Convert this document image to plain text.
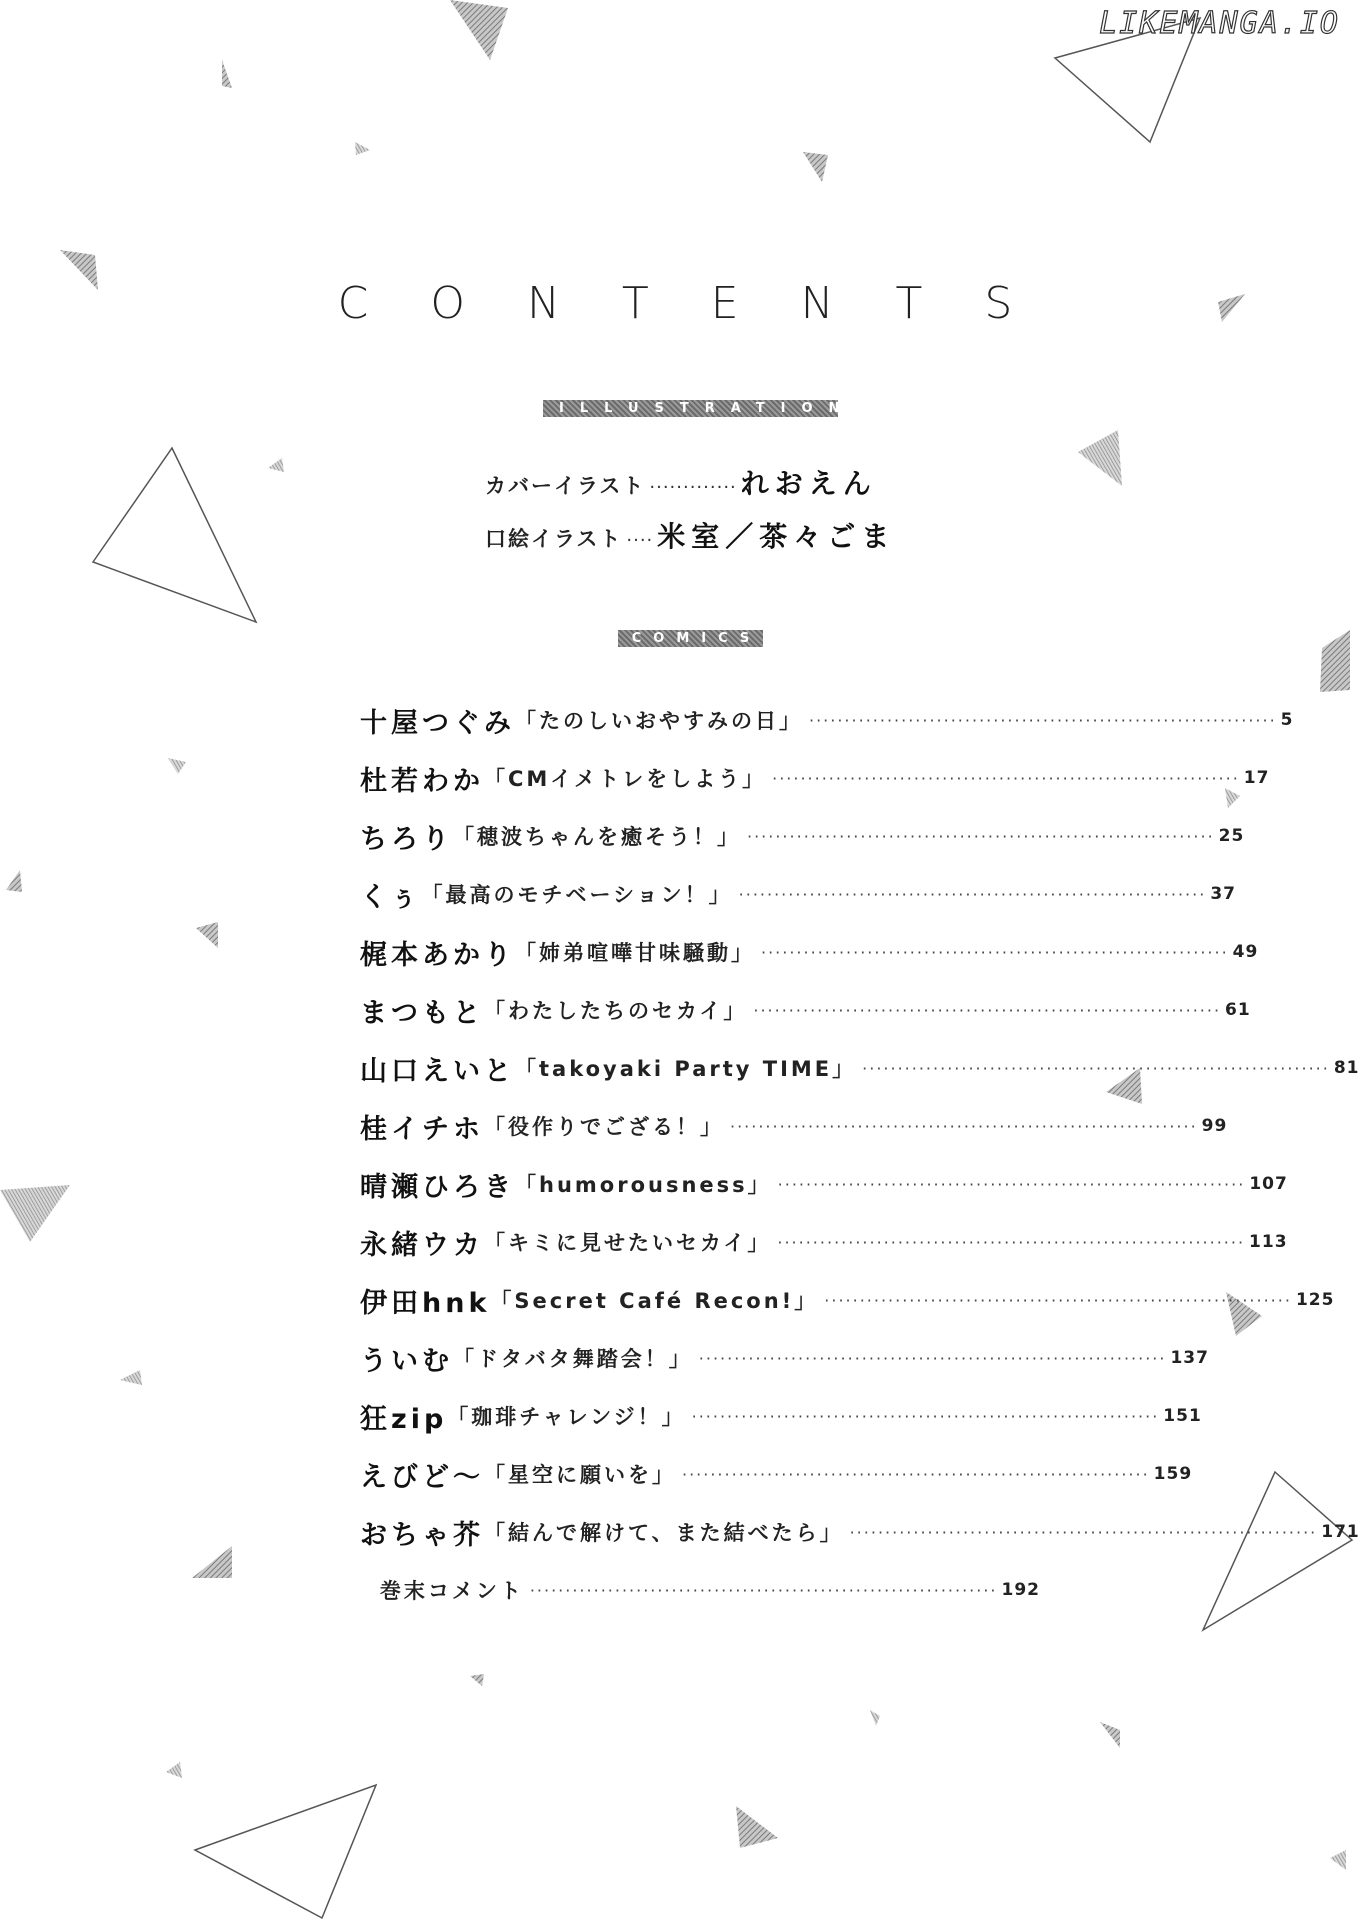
LIKEMANGA.IO
CONTENTS
ILLUSTRATION
カバーイラスト ············· れおえん
口絵イラスト ···· 米室／茶々ごま
COMICS
十屋つぐみ 「たのしいおやすみの日」 ·····	5
杜若わか 「CMイメトレをしよう」 ·····	17
ちろり 「穂波ちゃんを癒そう！」 ·····	25
くぅ 「最高のモチベーション！」 ·····	37
梶本あかり 「姉弟喧嘩甘味騒動」 ·····	49
まつもと 「わたしたちのセカイ」 ·····	61
山口えいと 「takoyaki Party TIME」 ·····	81
桂イチホ 「役作りでござる！」 ·····	99
晴瀬ひろき 「humorousness」 ·····	107
永緒ウカ 「キミに見せたいセカイ」 ·····	113
伊田hnk 「Secret Café Recon!」 ·····	125
ういむ 「ドタバタ舞踏会！」 ·····	137
狂zip 「珈琲チャレンジ！」 ·····	151
えびど～ 「星空に願いを」 ·····	159
おちゃ芥 「結んで解けて、また結べたら」 ·····	171
巻末コメント ·····	192
